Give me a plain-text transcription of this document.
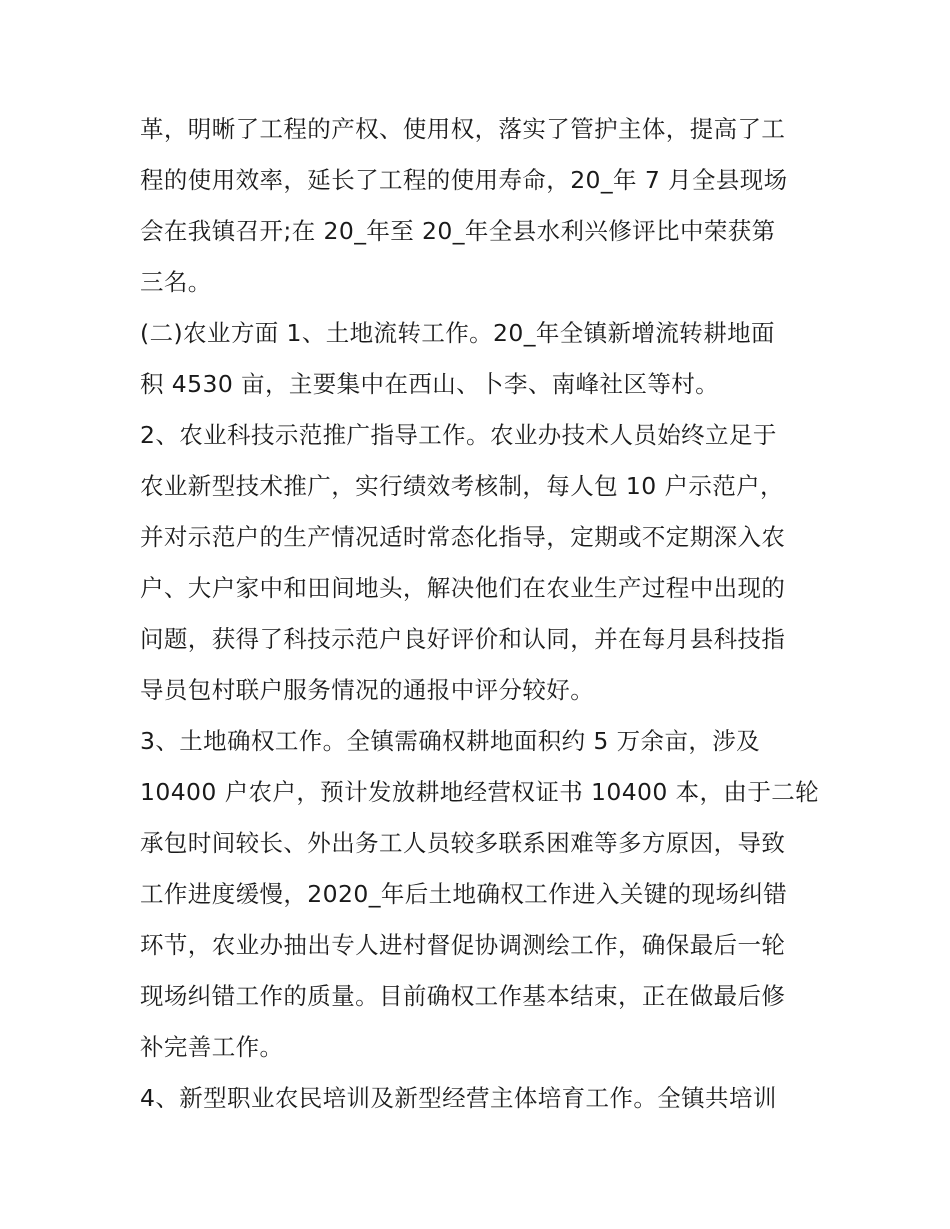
革，明晰了工程的产权、使用权，落实了管护主体，提高了工
程的使用效率，延长了工程的使用寿命，20_年 7 月全县现场
会在我镇召开;在 20_年至 20_年全县水利兴修评比中荣获第
三名。
(二)农业方面 1、土地流转工作。20_年全镇新增流转耕地面
积 4530 亩，主要集中在西山、卜李、南峰社区等村。
2、农业科技示范推广指导工作。农业办技术人员始终立足于
农业新型技术推广，实行绩效考核制，每人包 10 户示范户，
并对示范户的生产情况适时常态化指导，定期或不定期深入农
户、大户家中和田间地头，解决他们在农业生产过程中出现的
问题，获得了科技示范户良好评价和认同，并在每月县科技指
导员包村联户服务情况的通报中评分较好。
3、土地确权工作。全镇需确权耕地面积约 5 万余亩，涉及
10400 户农户，预计发放耕地经营权证书 10400 本，由于二轮
承包时间较长、外出务工人员较多联系困难等多方原因，导致
工作进度缓慢，2020_年后土地确权工作进入关键的现场纠错
环节，农业办抽出专人进村督促协调测绘工作，确保最后一轮
现场纠错工作的质量。目前确权工作基本结束，正在做最后修
补完善工作。
4、新型职业农民培训及新型经营主体培育工作。全镇共培训
